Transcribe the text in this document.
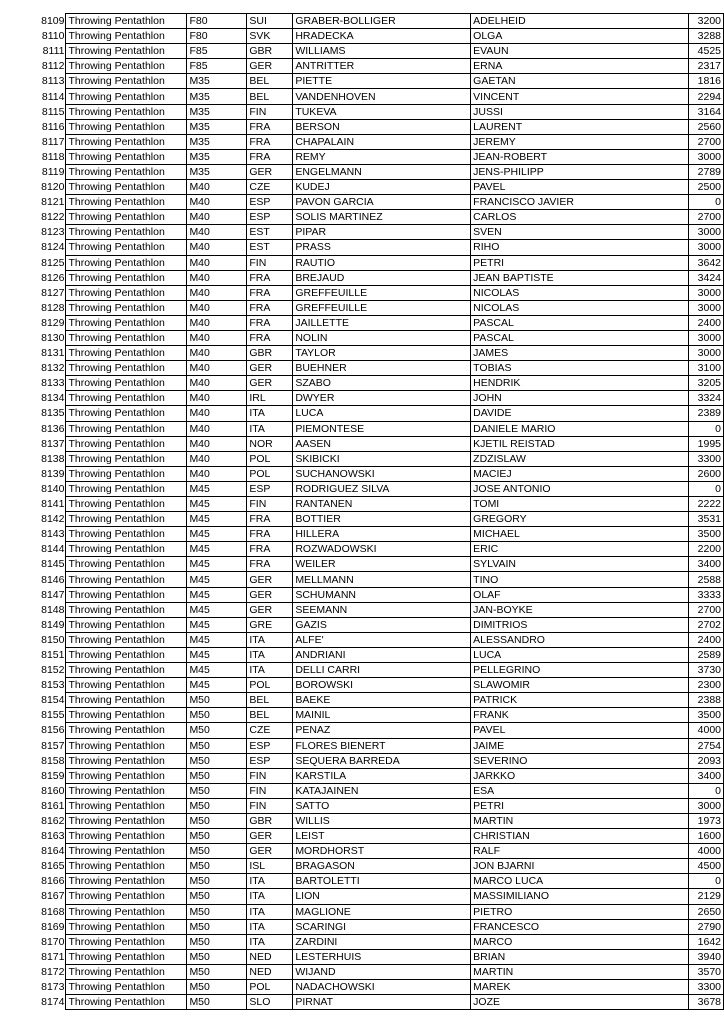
8109	Throwing Pentathlon	F80	SUI	GRABER-BOLLIGER	ADELHEID	3200
8110	Throwing Pentathlon	F80	SVK	HRADECKA	OLGA	3288
8111	Throwing Pentathlon	F85	GBR	WILLIAMS	EVAUN	4525
8112	Throwing Pentathlon	F85	GER	ANTRITTER	ERNA	2317
8113	Throwing Pentathlon	M35	BEL	PIETTE	GAETAN	1816
8114	Throwing Pentathlon	M35	BEL	VANDENHOVEN	VINCENT	2294
8115	Throwing Pentathlon	M35	FIN	TUKEVA	JUSSI	3164
8116	Throwing Pentathlon	M35	FRA	BERSON	LAURENT	2560
8117	Throwing Pentathlon	M35	FRA	CHAPALAIN	JEREMY	2700
8118	Throwing Pentathlon	M35	FRA	REMY	JEAN-ROBERT	3000
8119	Throwing Pentathlon	M35	GER	ENGELMANN	JENS-PHILIPP	2789
8120	Throwing Pentathlon	M40	CZE	KUDEJ	PAVEL	2500
8121	Throwing Pentathlon	M40	ESP	PAVON GARCIA	FRANCISCO JAVIER	0
8122	Throwing Pentathlon	M40	ESP	SOLIS MARTINEZ	CARLOS	2700
8123	Throwing Pentathlon	M40	EST	PIPAR	SVEN	3000
8124	Throwing Pentathlon	M40	EST	PRASS	RIHO	3000
8125	Throwing Pentathlon	M40	FIN	RAUTIO	PETRI	3642
8126	Throwing Pentathlon	M40	FRA	BREJAUD	JEAN BAPTISTE	3424
8127	Throwing Pentathlon	M40	FRA	GREFFEUILLE	NICOLAS	3000
8128	Throwing Pentathlon	M40	FRA	GREFFEUILLE	NICOLAS	3000
8129	Throwing Pentathlon	M40	FRA	JAILLETTE	PASCAL	2400
8130	Throwing Pentathlon	M40	FRA	NOLIN	PASCAL	3000
8131	Throwing Pentathlon	M40	GBR	TAYLOR	JAMES	3000
8132	Throwing Pentathlon	M40	GER	BUEHNER	TOBIAS	3100
8133	Throwing Pentathlon	M40	GER	SZABO	HENDRIK	3205
8134	Throwing Pentathlon	M40	IRL	DWYER	JOHN	3324
8135	Throwing Pentathlon	M40	ITA	LUCA	DAVIDE	2389
8136	Throwing Pentathlon	M40	ITA	PIEMONTESE	DANIELE MARIO	0
8137	Throwing Pentathlon	M40	NOR	AASEN	KJETIL REISTAD	1995
8138	Throwing Pentathlon	M40	POL	SKIBICKI	ZDZISLAW	3300
8139	Throwing Pentathlon	M40	POL	SUCHANOWSKI	MACIEJ	2600
8140	Throwing Pentathlon	M45	ESP	RODRIGUEZ SILVA	JOSE ANTONIO	0
8141	Throwing Pentathlon	M45	FIN	RANTANEN	TOMI	2222
8142	Throwing Pentathlon	M45	FRA	BOTTIER	GREGORY	3531
8143	Throwing Pentathlon	M45	FRA	HILLERA	MICHAEL	3500
8144	Throwing Pentathlon	M45	FRA	ROZWADOWSKI	ERIC	2200
8145	Throwing Pentathlon	M45	FRA	WEILER	SYLVAIN	3400
8146	Throwing Pentathlon	M45	GER	MELLMANN	TINO	2588
8147	Throwing Pentathlon	M45	GER	SCHUMANN	OLAF	3333
8148	Throwing Pentathlon	M45	GER	SEEMANN	JAN-BOYKE	2700
8149	Throwing Pentathlon	M45	GRE	GAZIS	DIMITRIOS	2702
8150	Throwing Pentathlon	M45	ITA	ALFE'	ALESSANDRO	2400
8151	Throwing Pentathlon	M45	ITA	ANDRIANI	LUCA	2589
8152	Throwing Pentathlon	M45	ITA	DELLI CARRI	PELLEGRINO	3730
8153	Throwing Pentathlon	M45	POL	BOROWSKI	SLAWOMIR	2300
8154	Throwing Pentathlon	M50	BEL	BAEKE	PATRICK	2388
8155	Throwing Pentathlon	M50	BEL	MAINIL	FRANK	3500
8156	Throwing Pentathlon	M50	CZE	PENAZ	PAVEL	4000
8157	Throwing Pentathlon	M50	ESP	FLORES BIENERT	JAIME	2754
8158	Throwing Pentathlon	M50	ESP	SEQUERA BARREDA	SEVERINO	2093
8159	Throwing Pentathlon	M50	FIN	KARSTILA	JARKKO	3400
8160	Throwing Pentathlon	M50	FIN	KATAJAINEN	ESA	0
8161	Throwing Pentathlon	M50	FIN	SATTO	PETRI	3000
8162	Throwing Pentathlon	M50	GBR	WILLIS	MARTIN	1973
8163	Throwing Pentathlon	M50	GER	LEIST	CHRISTIAN	1600
8164	Throwing Pentathlon	M50	GER	MORDHORST	RALF	4000
8165	Throwing Pentathlon	M50	ISL	BRAGASON	JON BJARNI	4500
8166	Throwing Pentathlon	M50	ITA	BARTOLETTI	MARCO LUCA	0
8167	Throwing Pentathlon	M50	ITA	LION	MASSIMILIANO	2129
8168	Throwing Pentathlon	M50	ITA	MAGLIONE	PIETRO	2650
8169	Throwing Pentathlon	M50	ITA	SCARINGI	FRANCESCO	2790
8170	Throwing Pentathlon	M50	ITA	ZARDINI	MARCO	1642
8171	Throwing Pentathlon	M50	NED	LESTERHUIS	BRIAN	3940
8172	Throwing Pentathlon	M50	NED	WIJAND	MARTIN	3570
8173	Throwing Pentathlon	M50	POL	NADACHOWSKI	MAREK	3300
8174	Throwing Pentathlon	M50	SLO	PIRNAT	JOZE	3678
